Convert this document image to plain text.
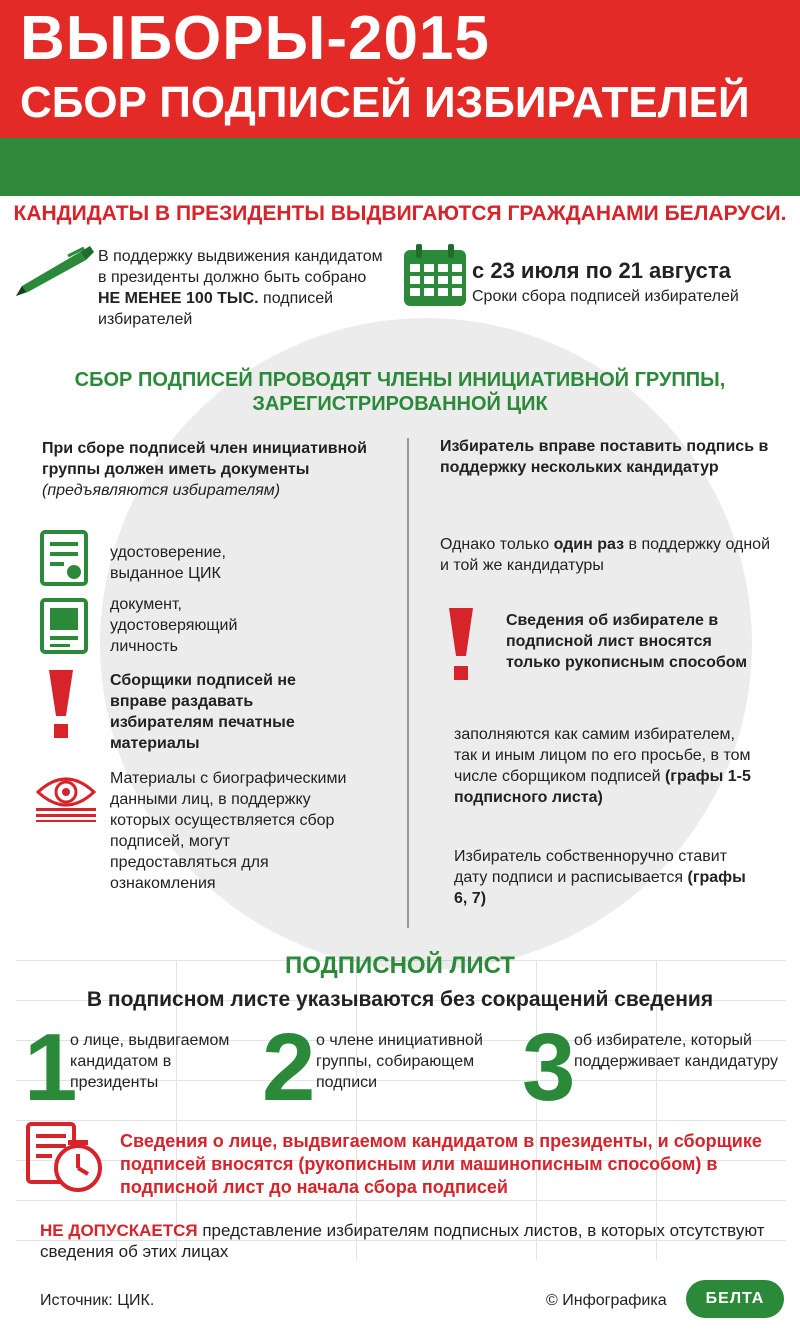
ВЫБОРЫ-2015
СБОР ПОДПИСЕЙ ИЗБИРАТЕЛЕЙ
КАНДИДАТЫ В ПРЕЗИДЕНТЫ ВЫДВИГАЮТСЯ ГРАЖДАНАМИ БЕЛАРУСИ.
В поддержку выдвижения кандидатом в президенты должно быть собрано НЕ МЕНЕЕ 100 ТЫС. подписей избирателей
с 23 июля по 21 августа
Сроки сбора подписей избирателей
СБОР ПОДПИСЕЙ ПРОВОДЯТ ЧЛЕНЫ ИНИЦИАТИВНОЙ ГРУППЫ,
ЗАРЕГИСТРИРОВАННОЙ ЦИК
При сборе подписей член инициативной группы должен иметь документы (предъявляются избирателям)
удостоверение, выданное ЦИК
документ, удостоверяющий личность
Сборщики подписей не вправе раздавать избирателям печатные материалы
Материалы с биографическими данными лиц, в поддержку которых осуществляется сбор подписей, могут предоставляться для ознакомления
Избиратель вправе поставить подпись в поддержку нескольких кандидатур
Однако только один раз в поддержку одной и той же кандидатуры
Сведения об избирателе в подписной лист вносятся только рукописным способом
заполняются как самим избирателем, так и иным лицом по его просьбе, в том числе сборщиком подписей (графы 1-5 подписного листа)
Избиратель собственноручно ставит дату подписи и расписывается (графы 6, 7)
ПОДПИСНОЙ ЛИСТ
В подписном листе указываются без сокращений сведения
1
о лице, выдвигаемом кандидатом в президенты	2 о члене инициативной группы, собирающем подписи	3
об избирателе, который поддерживает кандидатуру
Сведения о лице, выдвигаемом кандидатом в президенты, и сборщике подписей вносятся (рукописным или машинописным способом) в подписной лист до начала сбора подписей
НЕ ДОПУСКАЕТСЯ представление избирателям подписных листов, в которых отсутствуют сведения об этих лицах
Источник: ЦИК.	© Инфографика	БЕЛТА
